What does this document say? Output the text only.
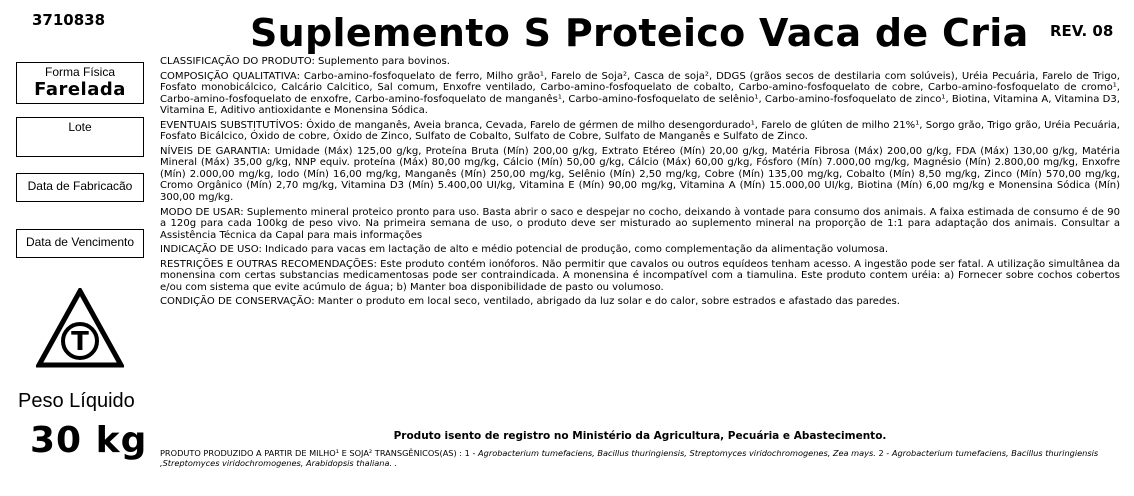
3710838	Suplemento S Proteico Vaca de Cria REV. 08
Forma Física
Farelada
Lote
Data de Fabricacão
Data de Vencimento
T
Peso Líquido
30 kg

CLASSIFICAÇÃO DO PRODUTO: Suplemento para bovinos.

COMPOSIÇÃO QUALITATIVA: Carbo-amino-fosfoquelato de ferro, Milho grão¹, Farelo de Soja², Casca de soja², DDGS (grãos secos de destilaria com solúveis), Uréia Pecuária, Farelo de Trigo, Fosfato monobicálcico, Calcário Calcitico, Sal comum, Enxofre ventilado, Carbo-amino-fosfoquelato de cobalto, Carbo-amino-fosfoquelato de cobre, Carbo-amino-fosfoquelato de cromo¹, Carbo-amino-fosfoquelato de enxofre, Carbo-amino-fosfoquelato de manganês¹, Carbo-amino-fosfoquelato de selênio¹, Carbo-amino-fosfoquelato de zinco¹, Biotina, Vitamina A, Vitamina D3, Vitamina E, Aditivo antioxidante e Monensina Sódica.

EVENTUAIS SUBSTITUTÍVOS: Óxido de manganês, Aveia branca, Cevada, Farelo de gérmen de milho desengordurado¹, Farelo de glúten de milho 21%¹, Sorgo grão, Trigo grão, Uréia Pecuária, Fosfato Bicálcico, Óxido de cobre, Óxido de Zinco, Sulfato de Cobalto, Sulfato de Cobre, Sulfato de Manganês e Sulfato de Zinco.

NÍVEIS DE GARANTIA: Umidade (Máx) 125,00 g/kg, Proteína Bruta (Mín) 200,00 g/kg, Extrato Etéreo (Mín) 20,00 g/kg, Matéria Fibrosa (Máx) 200,00 g/kg, FDA (Máx) 130,00 g/kg, Matéria Mineral (Máx) 35,00 g/kg, NNP equiv. proteína (Máx) 80,00 mg/kg, Cálcio (Mín) 50,00 g/kg, Cálcio (Máx) 60,00 g/kg, Fósforo (Mín) 7.000,00 mg/kg, Magnésio (Mín) 2.800,00 mg/kg, Enxofre (Mín) 2.000,00 mg/kg, Iodo (Mín) 16,00 mg/kg, Manganês (Mín) 250,00 mg/kg, Selênio (Mín) 2,50 mg/kg, Cobre (Mín) 135,00 mg/kg, Cobalto (Mín) 8,50 mg/kg, Zinco (Mín) 570,00 mg/kg, Cromo Orgânico (Mín) 2,70 mg/kg, Vitamina D3 (Mín) 5.400,00 UI/kg, Vitamina E (Mín) 90,00 mg/kg, Vitamina A (Mín) 15.000,00 UI/kg, Biotina (Mín) 6,00 mg/kg e Monensina Sódica (Mín) 300,00 mg/kg.

MODO DE USAR: Suplemento mineral proteico pronto para uso. Basta abrir o saco e despejar no cocho, deixando à vontade para consumo dos animais. A faixa estimada de consumo é de 90 a 120g para cada 100kg de peso vivo. Na primeira semana de uso, o produto deve ser misturado ao suplemento mineral na proporção de 1:1 para adaptação dos animais. Consultar a Assistência Técnica da Capal para mais informações

INDICAÇÃO DE USO: Indicado para vacas em lactação de alto e médio potencial de produção, como complementação da alimentação volumosa.

RESTRIÇÕES E OUTRAS RECOMENDAÇÕES: Este produto contém ionóforos. Não permitir que cavalos ou outros equídeos tenham acesso. A ingestão pode ser fatal. A utilização simultânea da monensina com certas substancias medicamentosas pode ser contraindicada. A monensina é incompatível com a tiamulina. Este produto contem uréia: a) Fornecer sobre cochos cobertos e/ou com sistema que evite acúmulo de água; b) Manter boa disponibilidade de pasto ou volumoso.

CONDIÇÃO DE CONSERVAÇÃO: Manter o produto em local seco, ventilado, abrigado da luz solar e do calor, sobre estrados e afastado das paredes.

Produto isento de registro no Ministério da Agricultura, Pecuária e Abastecimento.
PRODUTO PRODUZIDO A PARTIR DE MILHO¹ E SOJA² TRANSGÊNICOS(AS) : 1 - Agrobacterium tumefaciens, Bacillus thuringiensis, Streptomyces viridochromogenes, Zea mays. 2 - Agrobacterium tumefaciens, Bacillus thuringiensis ,Streptomyces viridochromogenes, Arabidopsis thaliana. .
